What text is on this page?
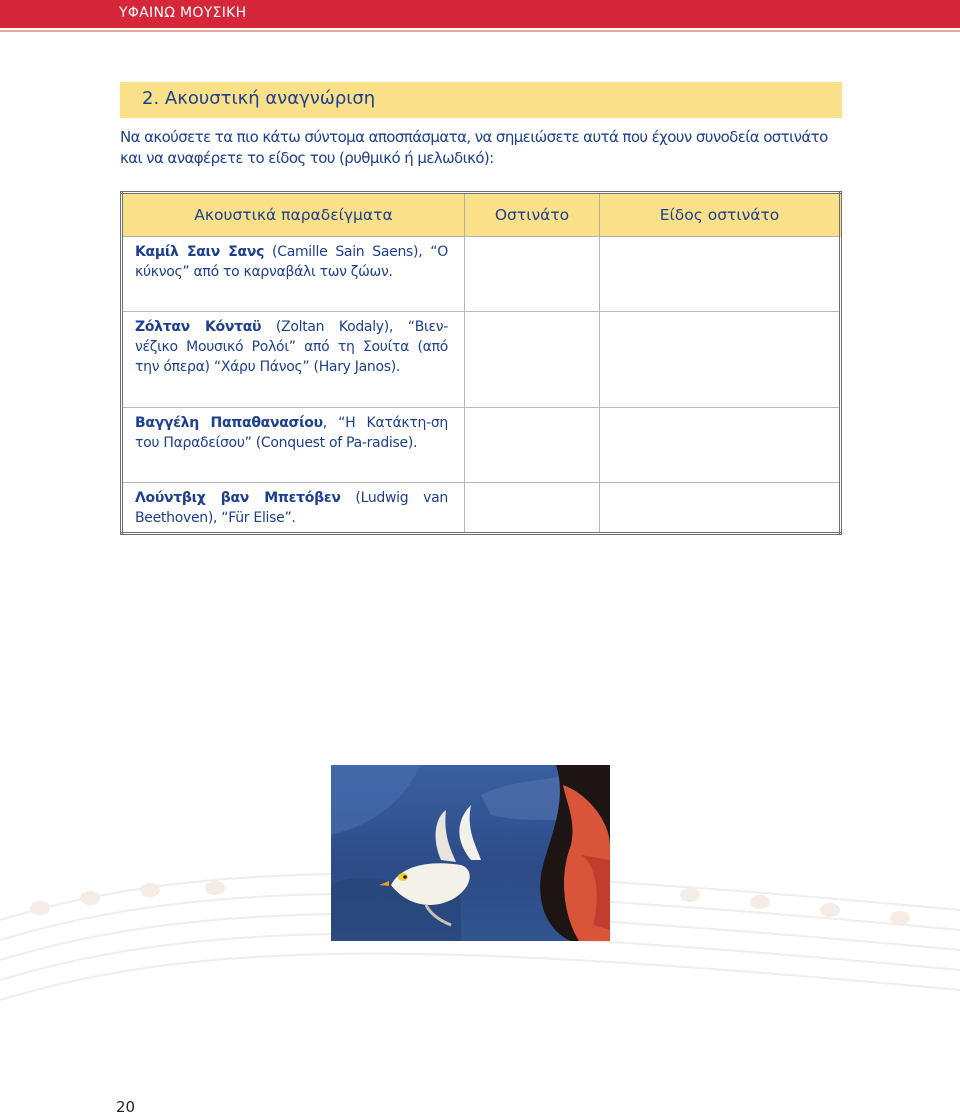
ΥΦΑΙΝΩ ΜΟΥΣΙΚΗ
2. Ακουστική αναγνώριση

Να ακούσετε τα πιο κάτω σύντομα αποσπάσματα, να σημειώσετε αυτά που έχουν συνοδεία οστινάτο και να αναφέρετε το είδος του (ρυθμικό ή μελωδικό):

Ακουστικά παραδείγματα	Οστινάτο	Είδος οστινάτο
Καμίλ Σαιν Σανς (Camille Sain Saens), “Ο κύκνος” από το καρναβάλι των ζώων.		
Ζόλταν Κόνταϋ (Zoltan Kodaly), “Βιεν-νέζικο Μουσικό Ρολόι” από τη Σουίτα (από την όπερα) “Χάρυ Πάνος” (Hary Janos).		
Βαγγέλη Παπαθανασίου, “Η Κατάκτη-ση του Παραδείσου” (Conquest of Pa-radise).		
Λούντβιχ βαν Μπετόβεν (Ludwig van Beethoven), “Für Elise”.		
20
